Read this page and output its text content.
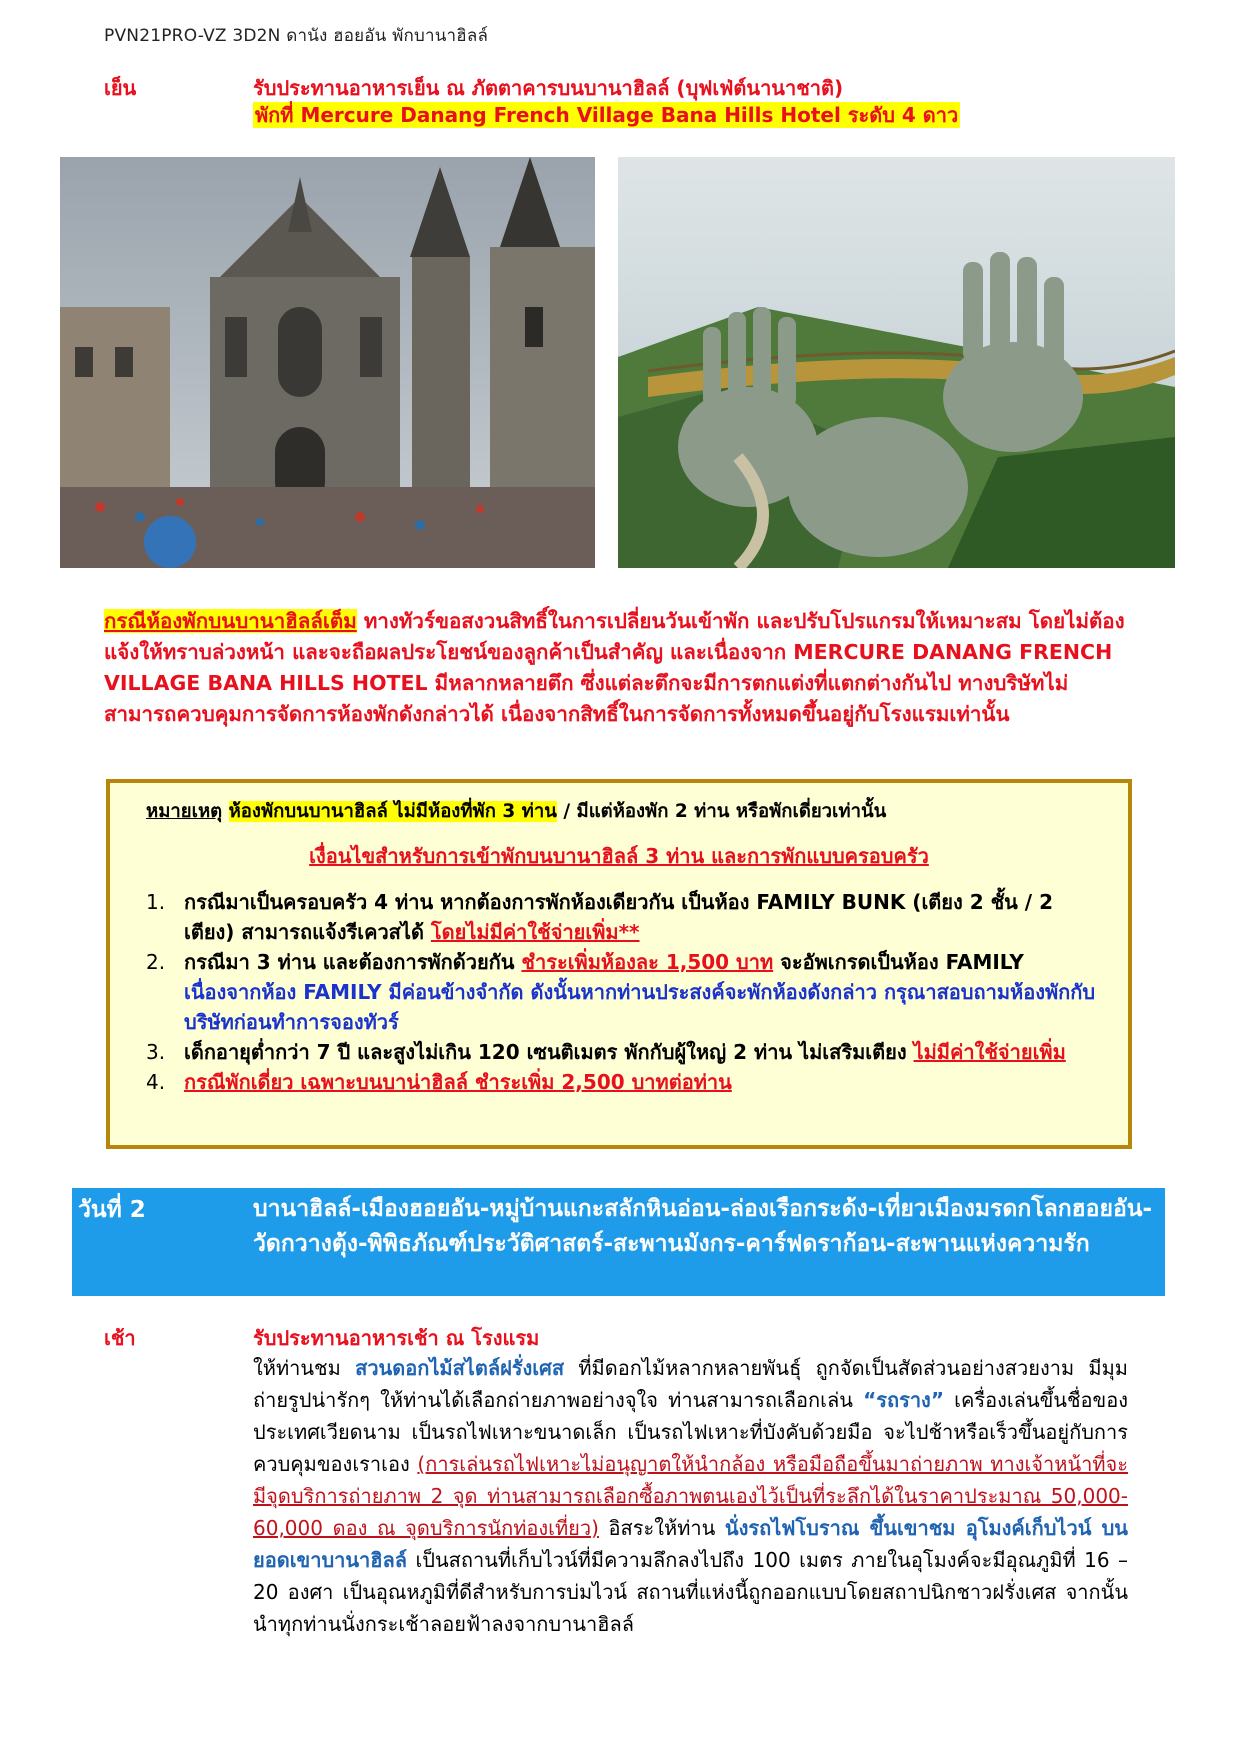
PVN21PRO-VZ 3D2N ดานัง ฮอยอัน พักบานาฮิลล์
เย็น	รับประทานอาหารเย็น ณ ภัตตาคารบนบานาฮิลล์ (บุฟเฟ่ต์นานาชาติ)
พักที่ Mercure Danang French Village Bana Hills Hotel ระดับ 4 ดาว
กรณีห้องพักบนบานาฮิลล์เต็ม ทางทัวร์ขอสงวนสิทธิ์ในการเปลี่ยนวันเข้าพัก และปรับโปรแกรมให้เหมาะสม โดยไม่ต้องแจ้งให้ทราบล่วงหน้า และจะถือผลประโยชน์ของลูกค้าเป็นสำคัญ และเนื่องจาก MERCURE DANANG FRENCH VILLAGE BANA HILLS HOTEL มีหลากหลายตึก ซึ่งแต่ละตึกจะมีการตกแต่งที่แตกต่างกันไป ทางบริษัทไม่สามารถควบคุมการจัดการห้องพักดังกล่าวได้ เนื่องจากสิทธิ์ในการจัดการทั้งหมดขึ้นอยู่กับโรงแรมเท่านั้น
หมายเหตุ ห้องพักบนบานาฮิลล์ ไม่มีห้องที่พัก 3 ท่าน / มีแต่ห้องพัก 2 ท่าน หรือพักเดี่ยวเท่านั้น
เงื่อนไขสำหรับการเข้าพักบนบานาฮิลล์ 3 ท่าน และการพักแบบครอบครัว
1. กรณีมาเป็นครอบครัว 4 ท่าน หากต้องการพักห้องเดียวกัน เป็นห้อง FAMILY BUNK (เตียง 2 ชั้น / 2 เตียง) สามารถแจ้งรีเควสได้ โดยไม่มีค่าใช้จ่ายเพิ่ม**
2. กรณีมา 3 ท่าน และต้องการพักด้วยกัน ชำระเพิ่มห้องละ 1,500 บาท จะอัพเกรดเป็นห้อง FAMILY เนื่องจากห้อง FAMILY มีค่อนข้างจำกัด ดังนั้นหากท่านประสงค์จะพักห้องดังกล่าว กรุณาสอบถามห้องพักกับบริษัทก่อนทำการจองทัวร์
3. เด็กอายุต่ำกว่า 7 ปี และสูงไม่เกิน 120 เซนติเมตร พักกับผู้ใหญ่ 2 ท่าน ไม่เสริมเตียง ไม่มีค่าใช้จ่ายเพิ่ม
4. กรณีพักเดี่ยว เฉพาะบนบาน่าฮิลล์ ชำระเพิ่ม 2,500 บาทต่อท่าน
วันที่ 2	บานาฮิลล์-เมืองฮอยอัน-หมู่บ้านแกะสลักหินอ่อน-ล่องเรือกระด้ง-เที่ยวเมืองมรดกโลกฮอยอัน-วัดกวางตุ้ง-พิพิธภัณฑ์ประวัติศาสตร์-สะพานมังกร-คาร์ฟดราก้อน-สะพานแห่งความรัก
เช้า	รับประทานอาหารเช้า ณ โรงแรม
ให้ท่านชม สวนดอกไม้สไตล์ฝรั่งเศส ที่มีดอกไม้หลากหลายพันธุ์ ถูกจัดเป็นสัดส่วนอย่างสวยงาม มีมุมถ่ายรูปน่ารักๆ ให้ท่านได้เลือกถ่ายภาพอย่างจุใจ ท่านสามารถเลือกเล่น “รถราง” เครื่องเล่นขึ้นชื่อของประเทศเวียดนาม เป็นรถไฟเหาะขนาดเล็ก เป็นรถไฟเหาะที่บังคับด้วยมือ จะไปช้าหรือเร็วขึ้นอยู่กับการควบคุมของเราเอง (การเล่นรถไฟเหาะไม่อนุญาตให้นำกล้อง หรือมือถือขึ้นมาถ่ายภาพ ทางเจ้าหน้าที่จะมีจุดบริการถ่ายภาพ 2 จุด ท่านสามารถเลือกซื้อภาพตนเองไว้เป็นที่ระลึกได้ในราคาประมาณ 50,000-60,000 ดอง ณ จุดบริการนักท่องเที่ยว) อิสระให้ท่าน นั่งรถไฟโบราณ ขึ้นเขาชม อุโมงค์เก็บไวน์ บนยอดเขาบานาฮิลล์ เป็นสถานที่เก็บไวน์ที่มีความลึกลงไปถึง 100 เมตร ภายในอุโมงค์จะมีอุณภูมิที่ 16 – 20 องศา เป็นอุณหภูมิที่ดีสำหรับการบ่มไวน์ สถานที่แห่งนี้ถูกออกแบบโดยสถาปนิกชาวฝรั่งเศส จากนั้นนำทุกท่านนั่งกระเช้าลอยฟ้าลงจากบานาฮิลล์
